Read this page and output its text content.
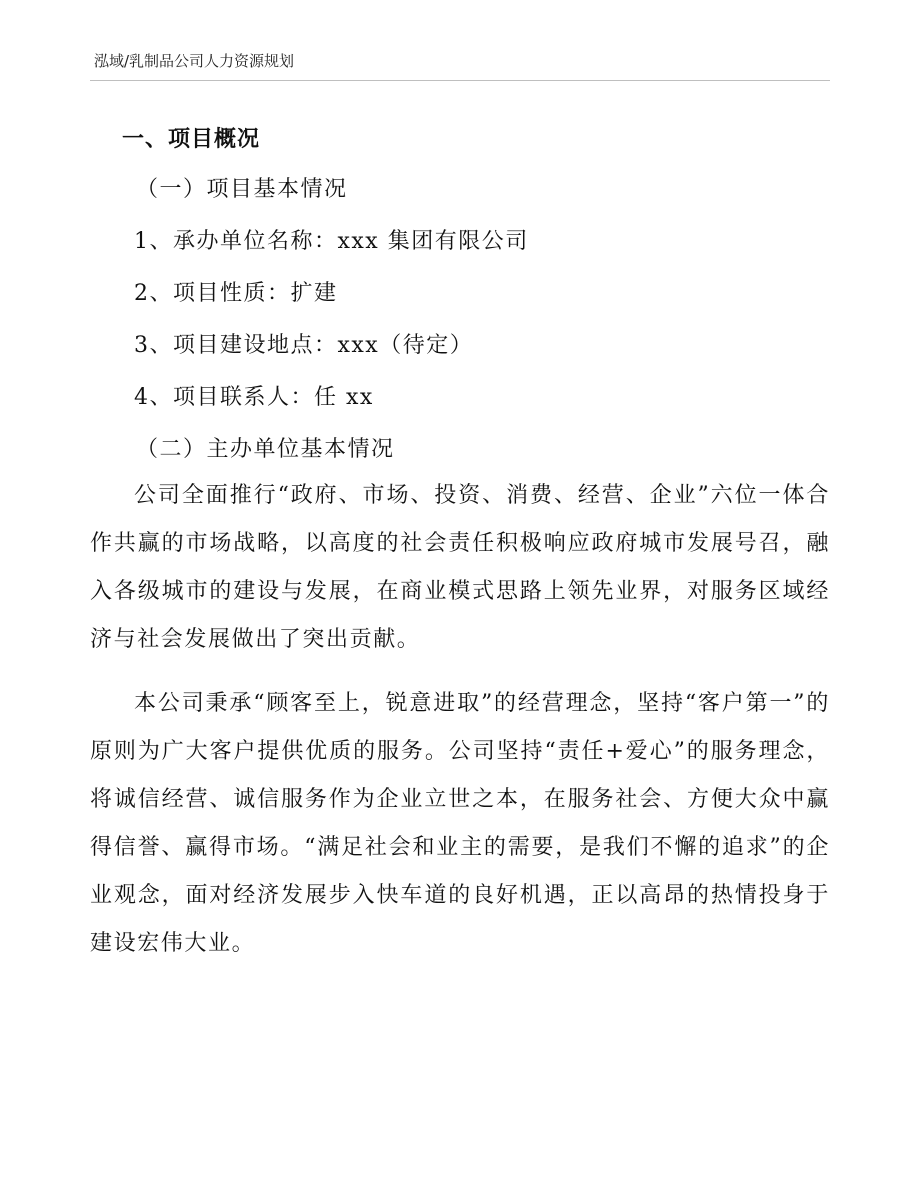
泓域/乳制品公司人力资源规划
一、项目概况
（一）项目基本情况
1、承办单位名称：xxx 集团有限公司
2、项目性质：扩建
3、项目建设地点：xxx（待定）
4、项目联系人：任 xx
（二）主办单位基本情况
公司全面推行“政府、市场、投资、消费、经营、企业”六位一体合作共赢的市场战略，以高度的社会责任积极响应政府城市发展号召，融入各级城市的建设与发展，在商业模式思路上领先业界，对服务区域经济与社会发展做出了突出贡献。
本公司秉承“顾客至上，锐意进取”的经营理念，坚持“客户第一”的原则为广大客户提供优质的服务。公司坚持“责任+爱心”的服务理念，将诚信经营、诚信服务作为企业立世之本，在服务社会、方便大众中赢得信誉、赢得市场。“满足社会和业主的需要，是我们不懈的追求”的企业观念，面对经济发展步入快车道的良好机遇，正以高昂的热情投身于建设宏伟大业。
